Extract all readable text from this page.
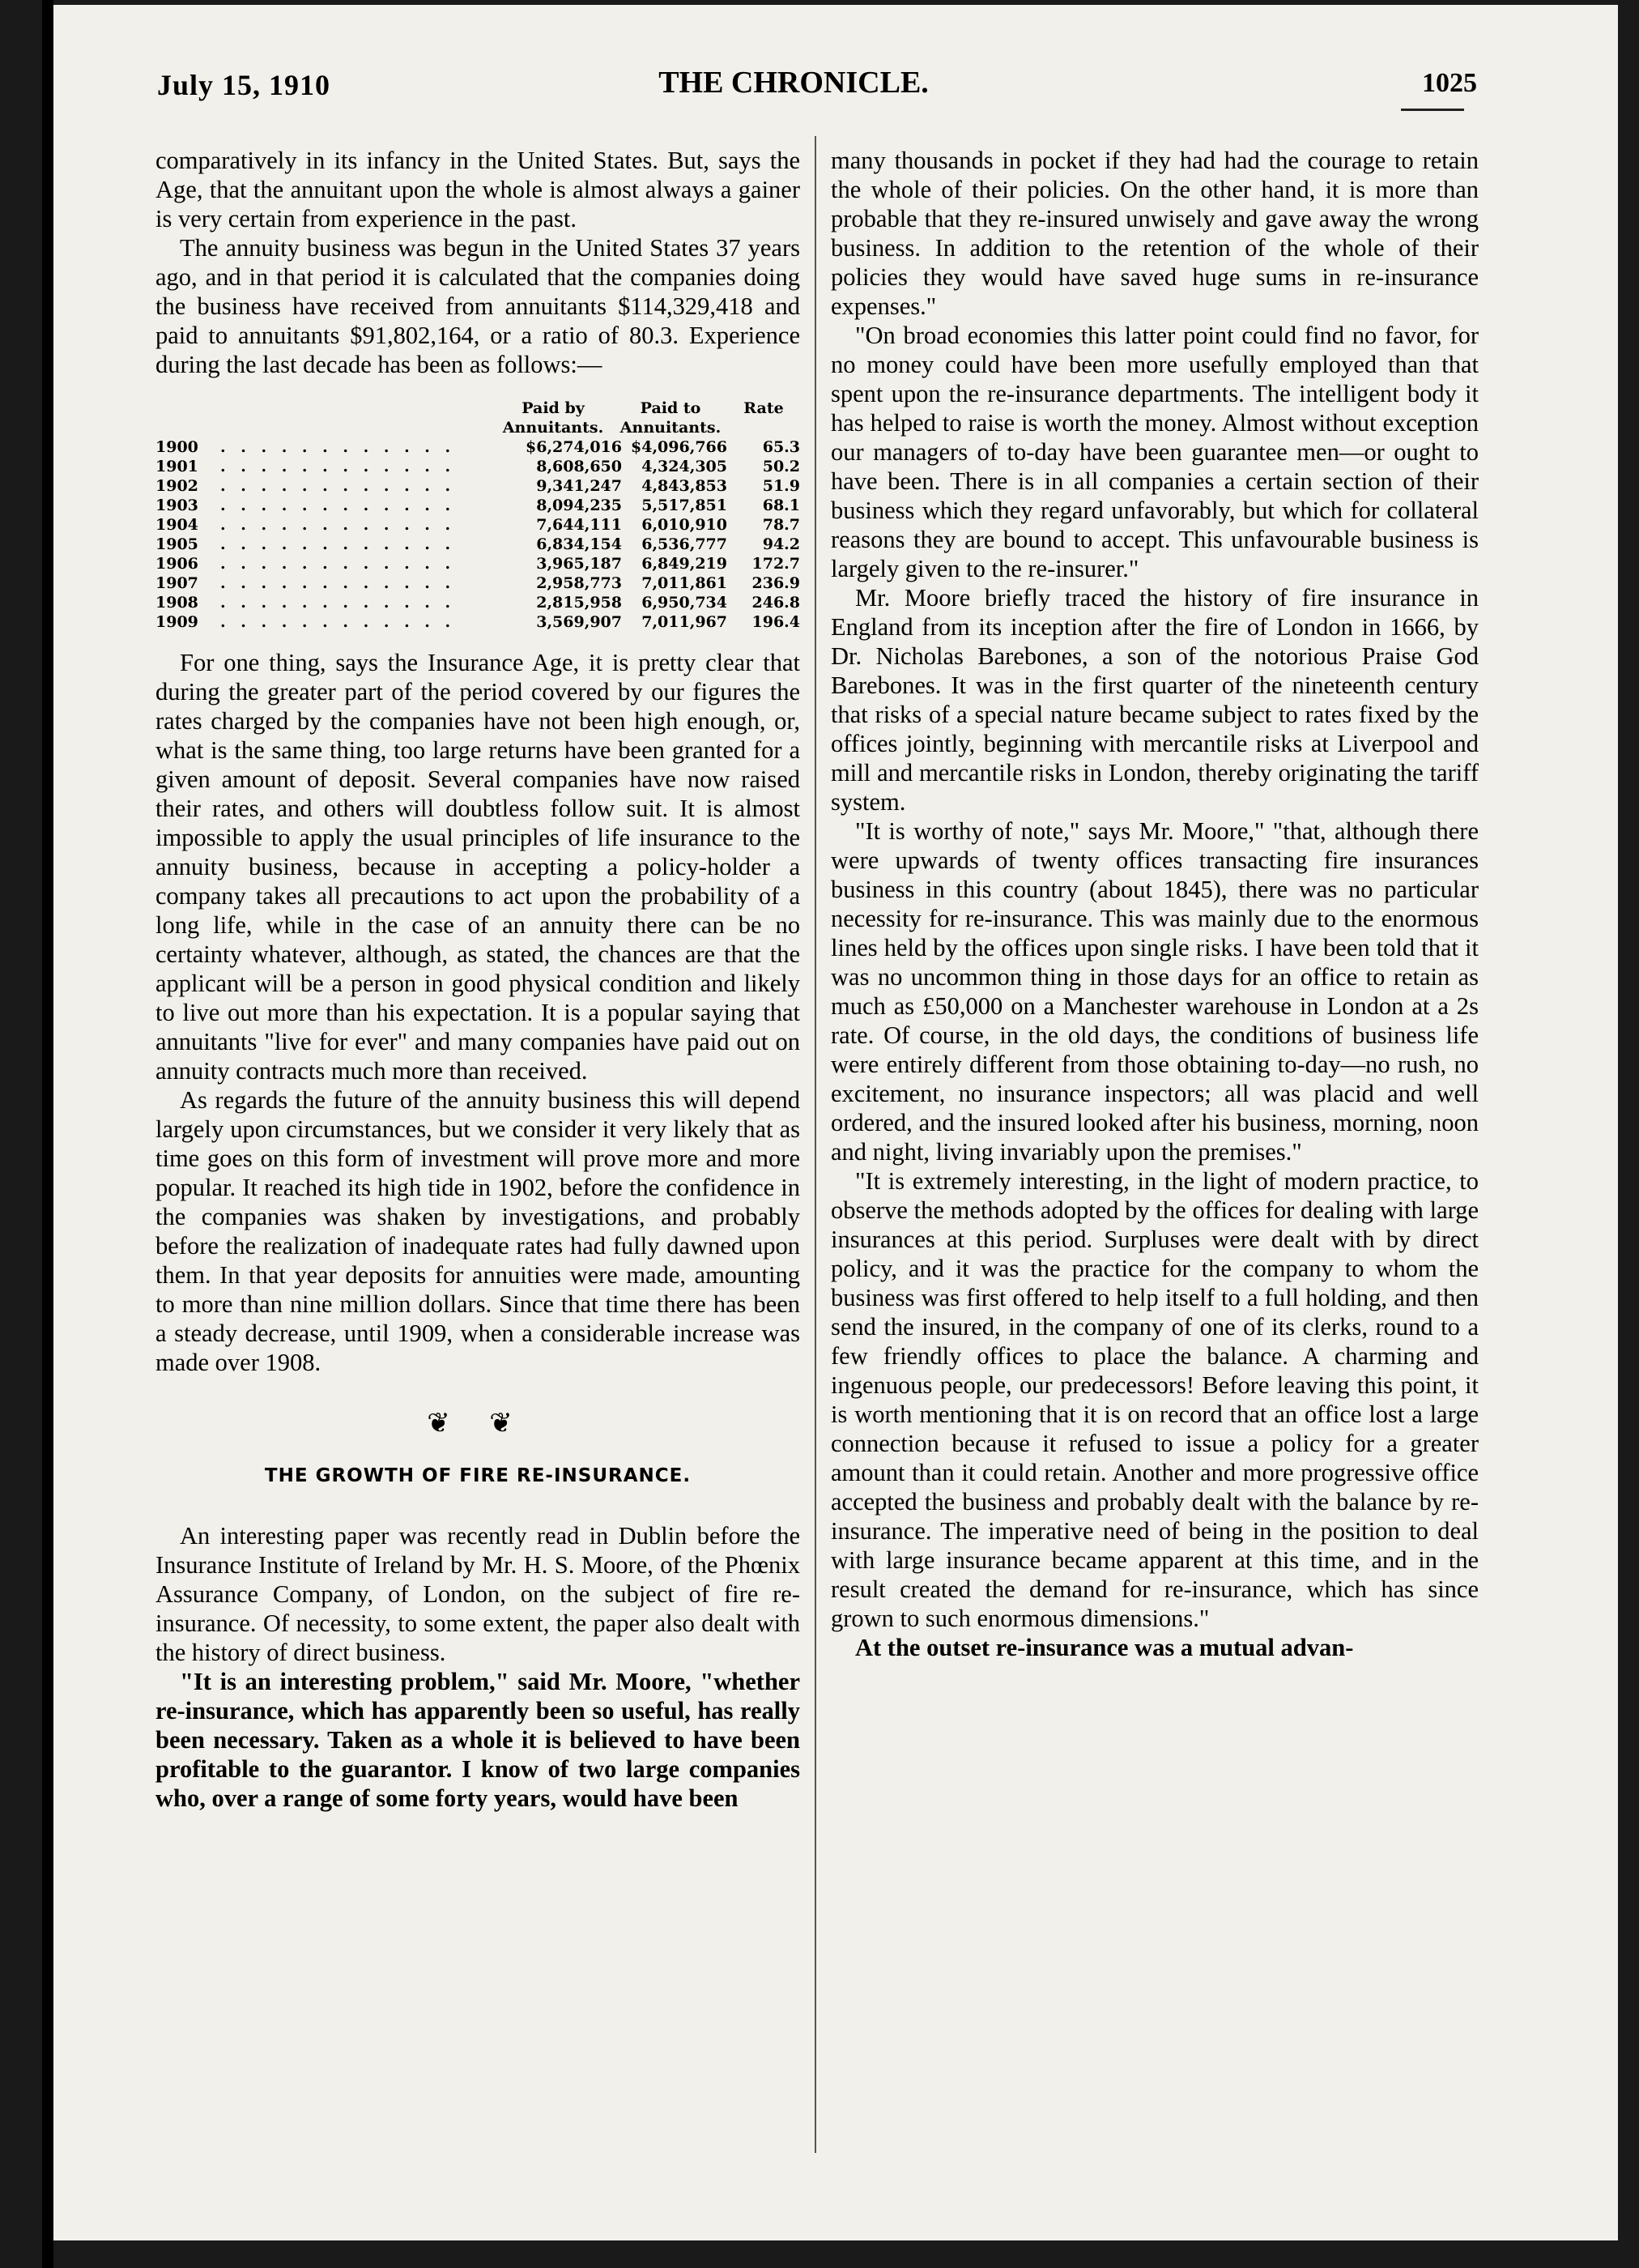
July 15, 1910	THE CHRONICLE.	1025

comparatively in its infancy in the United States. But, says the Age, that the annuitant upon the whole is almost always a gainer is very certain from experience in the past.

The annuity business was begun in the United States 37 years ago, and in that period it is calculated that the companies doing the business have received from annuitants $114,329,418 and paid to annuitants $91,802,164, or a ratio of 80.3. Experience during the last decade has been as follows:—

Paid by
Annuitants.
Paid to
Annuitants.
Rate
1900	. . . . . . . . . . . .	$6,274,016	$4,096,766	65.3
1901	. . . . . . . . . . . .	8,608,650	4,324,305	50.2
1902	. . . . . . . . . . . .	9,341,247	4,843,853	51.9
1903	. . . . . . . . . . . .	8,094,235	5,517,851	68.1
1904	. . . . . . . . . . . .	7,644,111	6,010,910	78.7
1905	. . . . . . . . . . . .	6,834,154	6,536,777	94.2
1906	. . . . . . . . . . . .	3,965,187	6,849,219	172.7
1907	. . . . . . . . . . . .	2,958,773	7,011,861	236.9
1908	. . . . . . . . . . . .	2,815,958	6,950,734	246.8
1909	. . . . . . . . . . . .	3,569,907	7,011,967	196.4

For one thing, says the Insurance Age, it is pretty clear that during the greater part of the period covered by our figures the rates charged by the companies have not been high enough, or, what is the same thing, too large returns have been granted for a given amount of deposit. Several companies have now raised their rates, and others will doubtless follow suit. It is almost impossible to apply the usual principles of life insurance to the annuity business, because in accepting a policy-holder a company takes all precautions to act upon the probability of a long life, while in the case of an annuity there can be no certainty whatever, although, as stated, the chances are that the applicant will be a person in good physical condition and likely to live out more than his expectation. It is a popular saying that annuitants "live for ever" and many companies have paid out on annuity contracts much more than received.

As regards the future of the annuity business this will depend largely upon circumstances, but we consider it very likely that as time goes on this form of investment will prove more and more popular. It reached its high tide in 1902, before the confidence in the companies was shaken by investigations, and probably before the realization of inadequate rates had fully dawned upon them. In that year deposits for annuities were made, amounting to more than nine million dollars. Since that time there has been a steady decrease, until 1909, when a considerable increase was made over 1908.

❦ ❦
THE GROWTH OF FIRE RE-INSURANCE.

An interesting paper was recently read in Dublin before the Insurance Institute of Ireland by Mr. H. S. Moore, of the Phœnix Assurance Company, of London, on the subject of fire re-insurance. Of necessity, to some extent, the paper also dealt with the history of direct business.

"It is an interesting problem," said Mr. Moore, "whether re-insurance, which has apparently been so useful, has really been necessary. Taken as a whole it is believed to have been profitable to the guarantor. I know of two large companies who, over a range of some forty years, would have been

many thousands in pocket if they had had the courage to retain the whole of their policies. On the other hand, it is more than probable that they re-insured unwisely and gave away the wrong business. In addition to the retention of the whole of their policies they would have saved huge sums in re-insurance expenses."

"On broad economies this latter point could find no favor, for no money could have been more usefully employed than that spent upon the re-insurance departments. The intelligent body it has helped to raise is worth the money. Almost without exception our managers of to-day have been guarantee men—or ought to have been. There is in all companies a certain section of their business which they regard unfavorably, but which for collateral reasons they are bound to accept. This unfavourable business is largely given to the re-insurer."

Mr. Moore briefly traced the history of fire insurance in England from its inception after the fire of London in 1666, by Dr. Nicholas Barebones, a son of the notorious Praise God Barebones. It was in the first quarter of the nineteenth century that risks of a special nature became subject to rates fixed by the offices jointly, beginning with mercantile risks at Liverpool and mill and mercantile risks in London, thereby originating the tariff system.

"It is worthy of note," says Mr. Moore," "that, although there were upwards of twenty offices transacting fire insurances business in this country (about 1845), there was no particular necessity for re-insurance. This was mainly due to the enormous lines held by the offices upon single risks. I have been told that it was no uncommon thing in those days for an office to retain as much as £50,000 on a Manchester warehouse in London at a 2s rate. Of course, in the old days, the conditions of business life were entirely different from those obtaining to-day—no rush, no excitement, no insurance inspectors; all was placid and well ordered, and the insured looked after his business, morning, noon and night, living invariably upon the premises."

"It is extremely interesting, in the light of modern practice, to observe the methods adopted by the offices for dealing with large insurances at this period. Surpluses were dealt with by direct policy, and it was the practice for the company to whom the business was first offered to help itself to a full holding, and then send the insured, in the company of one of its clerks, round to a few friendly offices to place the balance. A charming and ingenuous people, our predecessors! Before leaving this point, it is worth mentioning that it is on record that an office lost a large connection because it refused to issue a policy for a greater amount than it could retain. Another and more progressive office accepted the business and probably dealt with the balance by re-insurance. The imperative need of being in the position to deal with large insurance became apparent at this time, and in the result created the demand for re-insurance, which has since grown to such enormous dimensions."

At the outset re-insurance was a mutual advan-
